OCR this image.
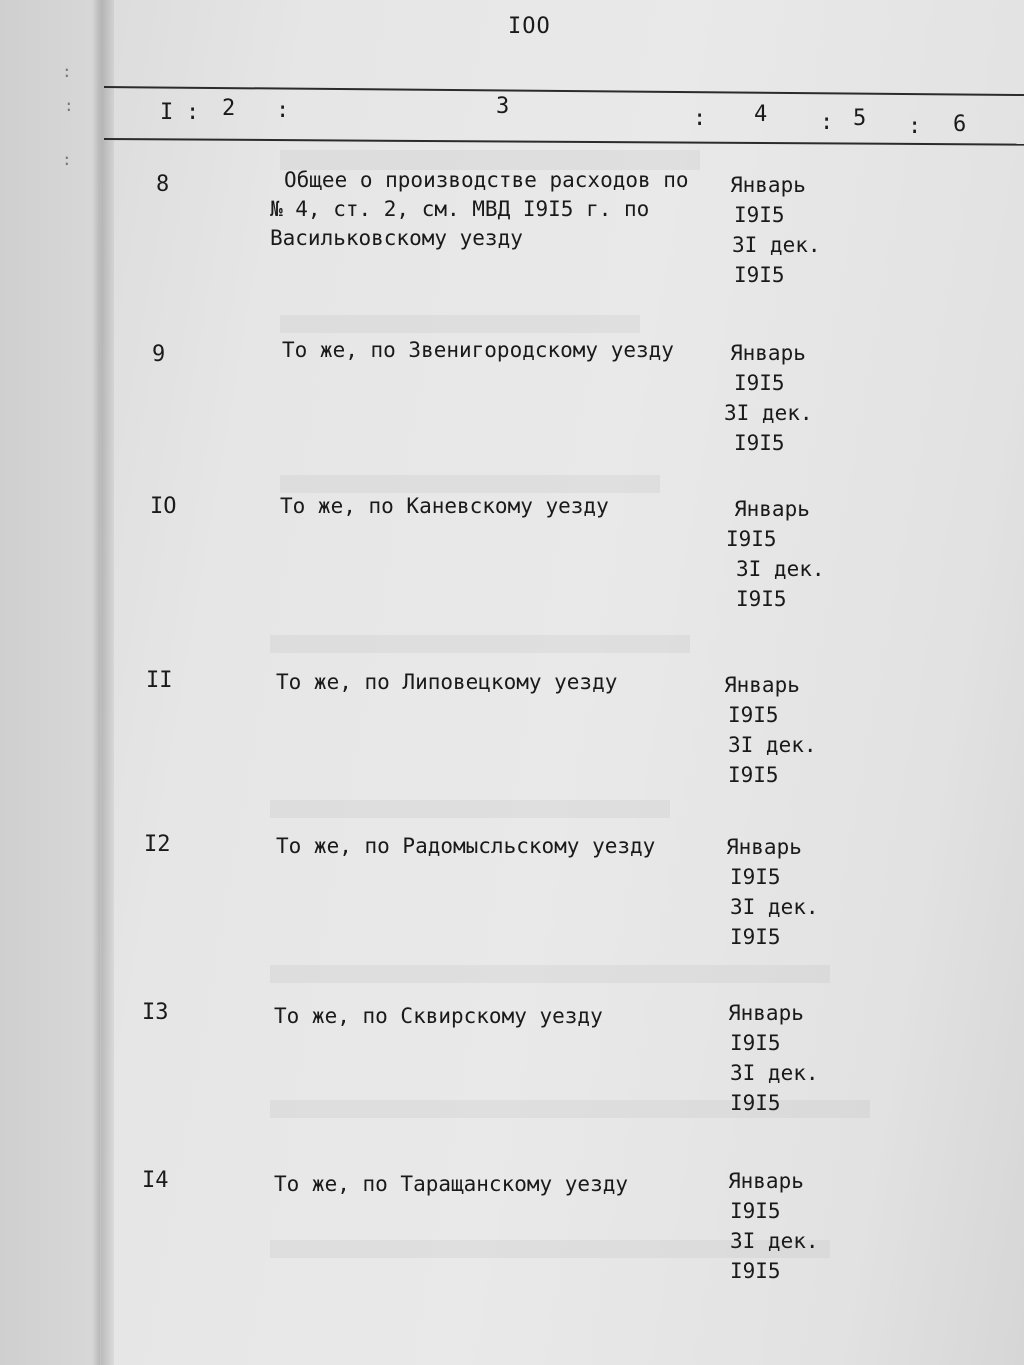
:
:
:
IOO
I : 2 :	3	: 4 : 5 : 6
8	Общее о производстве расходов по
№ 4, ст. 2, см. МВД I9I5 г. по
Васильковскому уезду
Январь
I9I5
3I дек.
I9I5
9	То же, по Звенигородскому уезду	Январь
I9I5
3I дек.
I9I5
IO	То же, по Каневскому уезду	Январь
I9I5
3I дек.
I9I5
II	То же, по Липовецкому уезду	Январь
I9I5
3I дек.
I9I5
I2	То же, по Радомысльскому уезду	Январь
I9I5
3I дек.
I9I5
I3	То же, по Сквирскому уезду	Январь
I9I5
3I дек.
I9I5
I4	То же, по Таращанскому уезду	Январь
I9I5
3I дек.
I9I5
